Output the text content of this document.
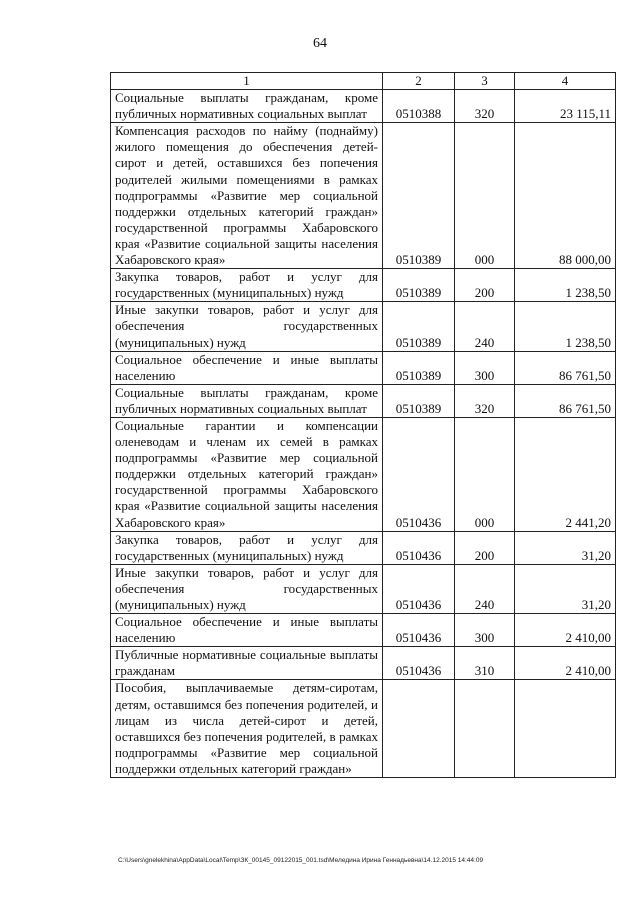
64
1	2	3	4
Социальные выплаты гражданам, кроме публичных нормативных социальных выплат	0510388	320	23 115,11
Компенсация расходов по найму (поднайму) жилого помещения до обеспечения детей-сирот и детей, оставшихся без попечения родителей жилыми помещениями в рамках подпрограммы «Развитие мер социальной поддержки отдельных категорий граждан» государственной программы Хабаровского края «Развитие социальной защиты населения Хабаровского края»	0510389	000	88 000,00
Закупка товаров, работ и услуг для государственных (муниципальных) нужд	0510389	200	1 238,50
Иные закупки товаров, работ и услуг для обеспечения государственных (муниципальных) нужд	0510389	240	1 238,50
Социальное обеспечение и иные выплаты населению	0510389	300	86 761,50
Социальные выплаты гражданам, кроме публичных нормативных социальных выплат	0510389	320	86 761,50
Социальные гарантии и компенсации оленеводам и членам их семей в рамках подпрограммы «Развитие мер социальной поддержки отдельных категорий граждан» государственной программы Хабаровского края «Развитие социальной защиты населения Хабаровского края»	0510436	000	2 441,20
Закупка товаров, работ и услуг для государственных (муниципальных) нужд	0510436	200	31,20
Иные закупки товаров, работ и услуг для обеспечения государственных (муниципальных) нужд	0510436	240	31,20
Социальное обеспечение и иные выплаты населению	0510436	300	2 410,00
Публичные нормативные социальные выплаты гражданам	0510436	310	2 410,00
Пособия, выплачиваемые детям-сиротам, детям, оставшимся без попечения родителей, и лицам из числа детей-сирот и детей, оставшихся без попечения родителей, в рамках подпрограммы «Развитие мер социальной поддержки отдельных категорий граждан»			
C:\Users\gnelekhina\AppData\Local\Temp\ЗК_00145_09122015_001.tsd\Меледина Ирина Геннадьевна\14.12.2015 14:44:09
